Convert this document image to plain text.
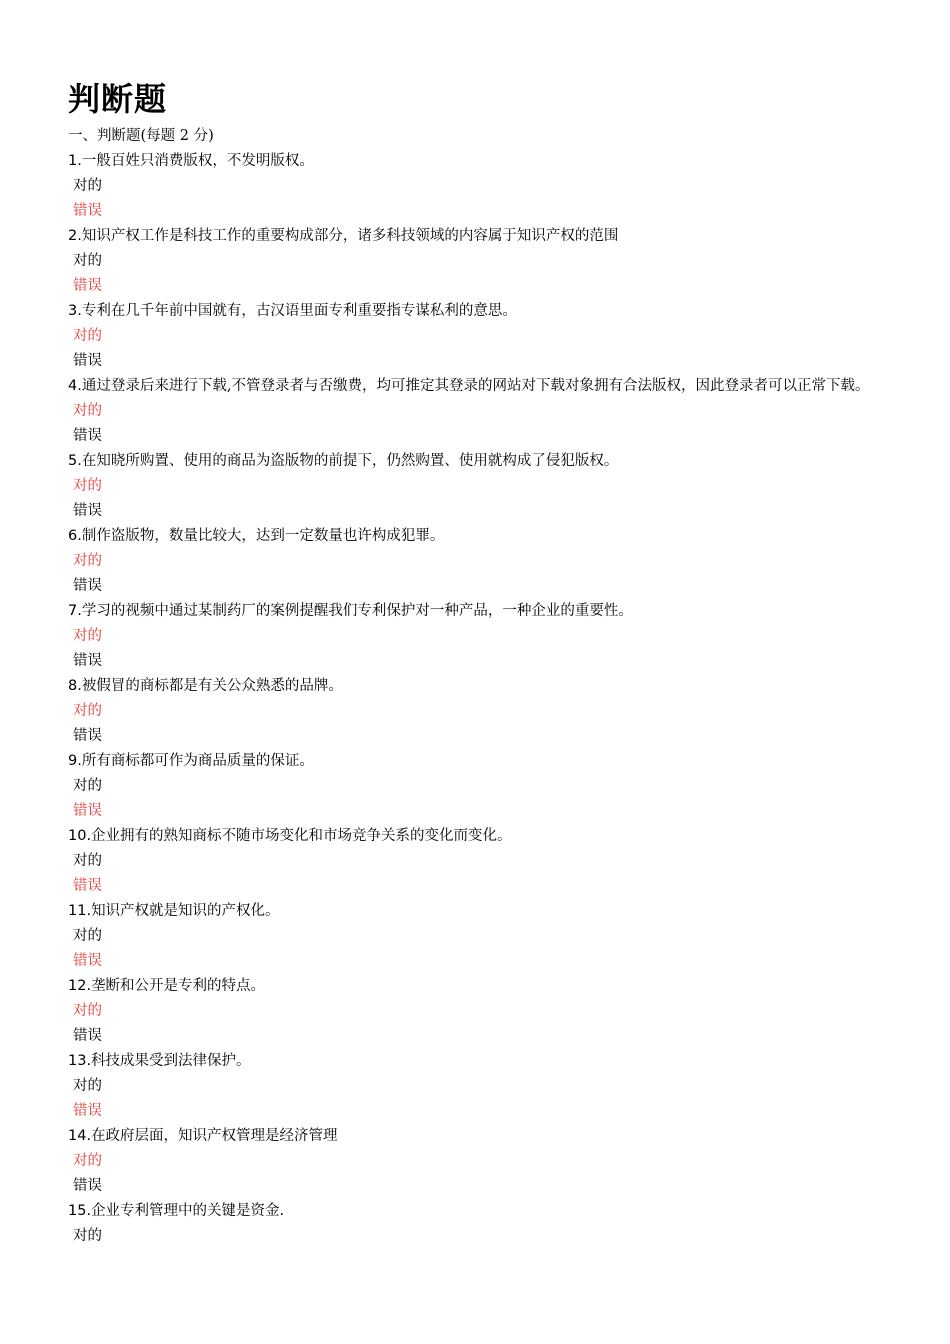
判断题

一、判断题(每题 2 分)

1.一般百姓只消费版权，不发明版权。
对的
错误
2.知识产权工作是科技工作的重要构成部分，诸多科技领域的内容属于知识产权的范围
对的
错误
3.专利在几千年前中国就有，古汉语里面专利重要指专谋私利的意思。
对的
错误
4.通过登录后来进行下载,不管登录者与否缴费，均可推定其登录的网站对下载对象拥有合法版权，因此登录者可以正常下载。
对的
错误
5.在知晓所购置、使用的商品为盗版物的前提下，仍然购置、使用就构成了侵犯版权。
对的
错误
6.制作盗版物，数量比较大，达到一定数量也许构成犯罪。
对的
错误
7.学习的视频中通过某制药厂的案例提醒我们专利保护对一种产品，一种企业的重要性。
对的
错误
8.被假冒的商标都是有关公众熟悉的品牌。
对的
错误
9.所有商标都可作为商品质量的保证。
对的
错误
10.企业拥有的熟知商标不随市场变化和市场竞争关系的变化而变化。
对的
错误
11.知识产权就是知识的产权化。
对的
错误
12.垄断和公开是专利的特点。
对的
错误
13.科技成果受到法律保护。
对的
错误
14.在政府层面，知识产权管理是经济管理
对的
错误
15.企业专利管理中的关键是资金.
对的
